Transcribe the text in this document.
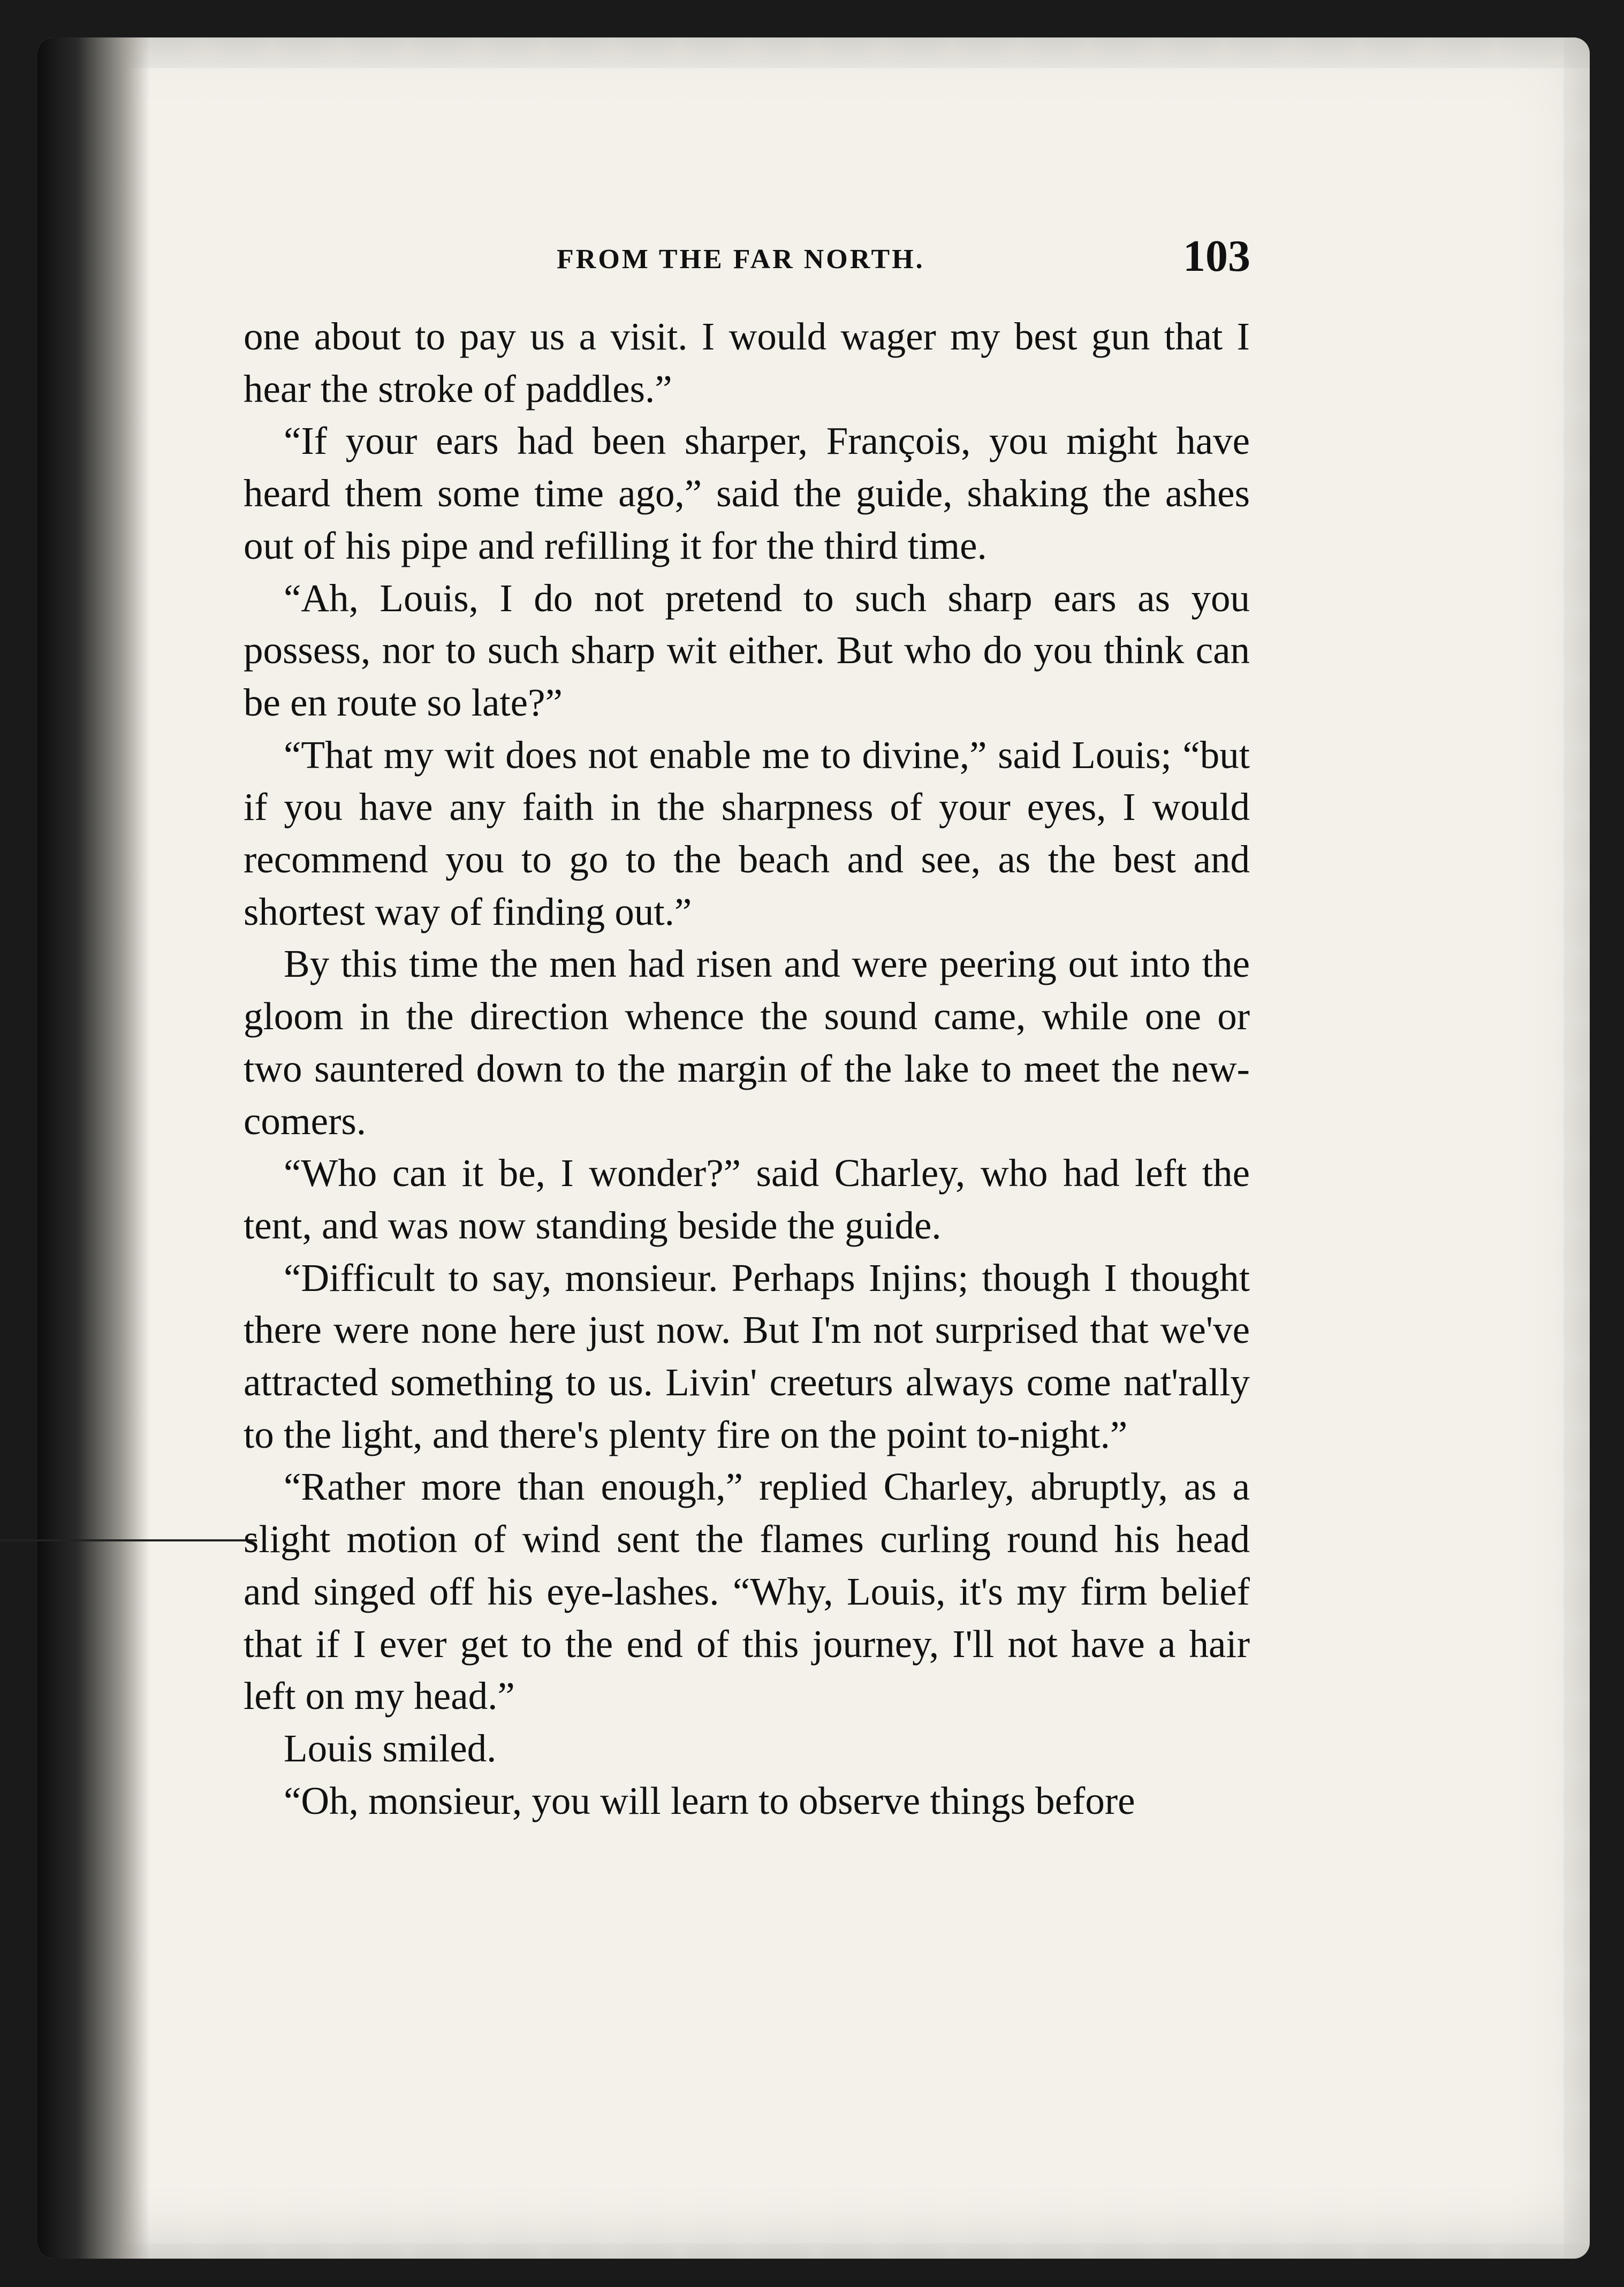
FROM THE FAR NORTH.	103

one about to pay us a visit. I would wager my best gun that I hear the stroke of paddles.”

“If your ears had been sharper, François, you might have heard them some time ago,” said the guide, shaking the ashes out of his pipe and refilling it for the third time.

“Ah, Louis, I do not pretend to such sharp ears as you possess, nor to such sharp wit either. But who do you think can be en route so late?”

“That my wit does not enable me to divine,” said Louis; “but if you have any faith in the sharpness of your eyes, I would recommend you to go to the beach and see, as the best and shortest way of finding out.”

By this time the men had risen and were peering out into the gloom in the direction whence the sound came, while one or two sauntered down to the margin of the lake to meet the new-comers.

“Who can it be, I wonder?” said Charley, who had left the tent, and was now standing beside the guide.

“Difficult to say, monsieur. Perhaps Injins; though I thought there were none here just now. But I'm not surprised that we've attracted something to us. Livin' creeturs always come nat'rally to the light, and there's plenty fire on the point to-night.”

“Rather more than enough,” replied Charley, abruptly, as a slight motion of wind sent the flames curling round his head and singed off his eye-lashes. “Why, Louis, it's my firm belief that if I ever get to the end of this journey, I'll not have a hair left on my head.”

Louis smiled.

“Oh, monsieur, you will learn to observe things before
